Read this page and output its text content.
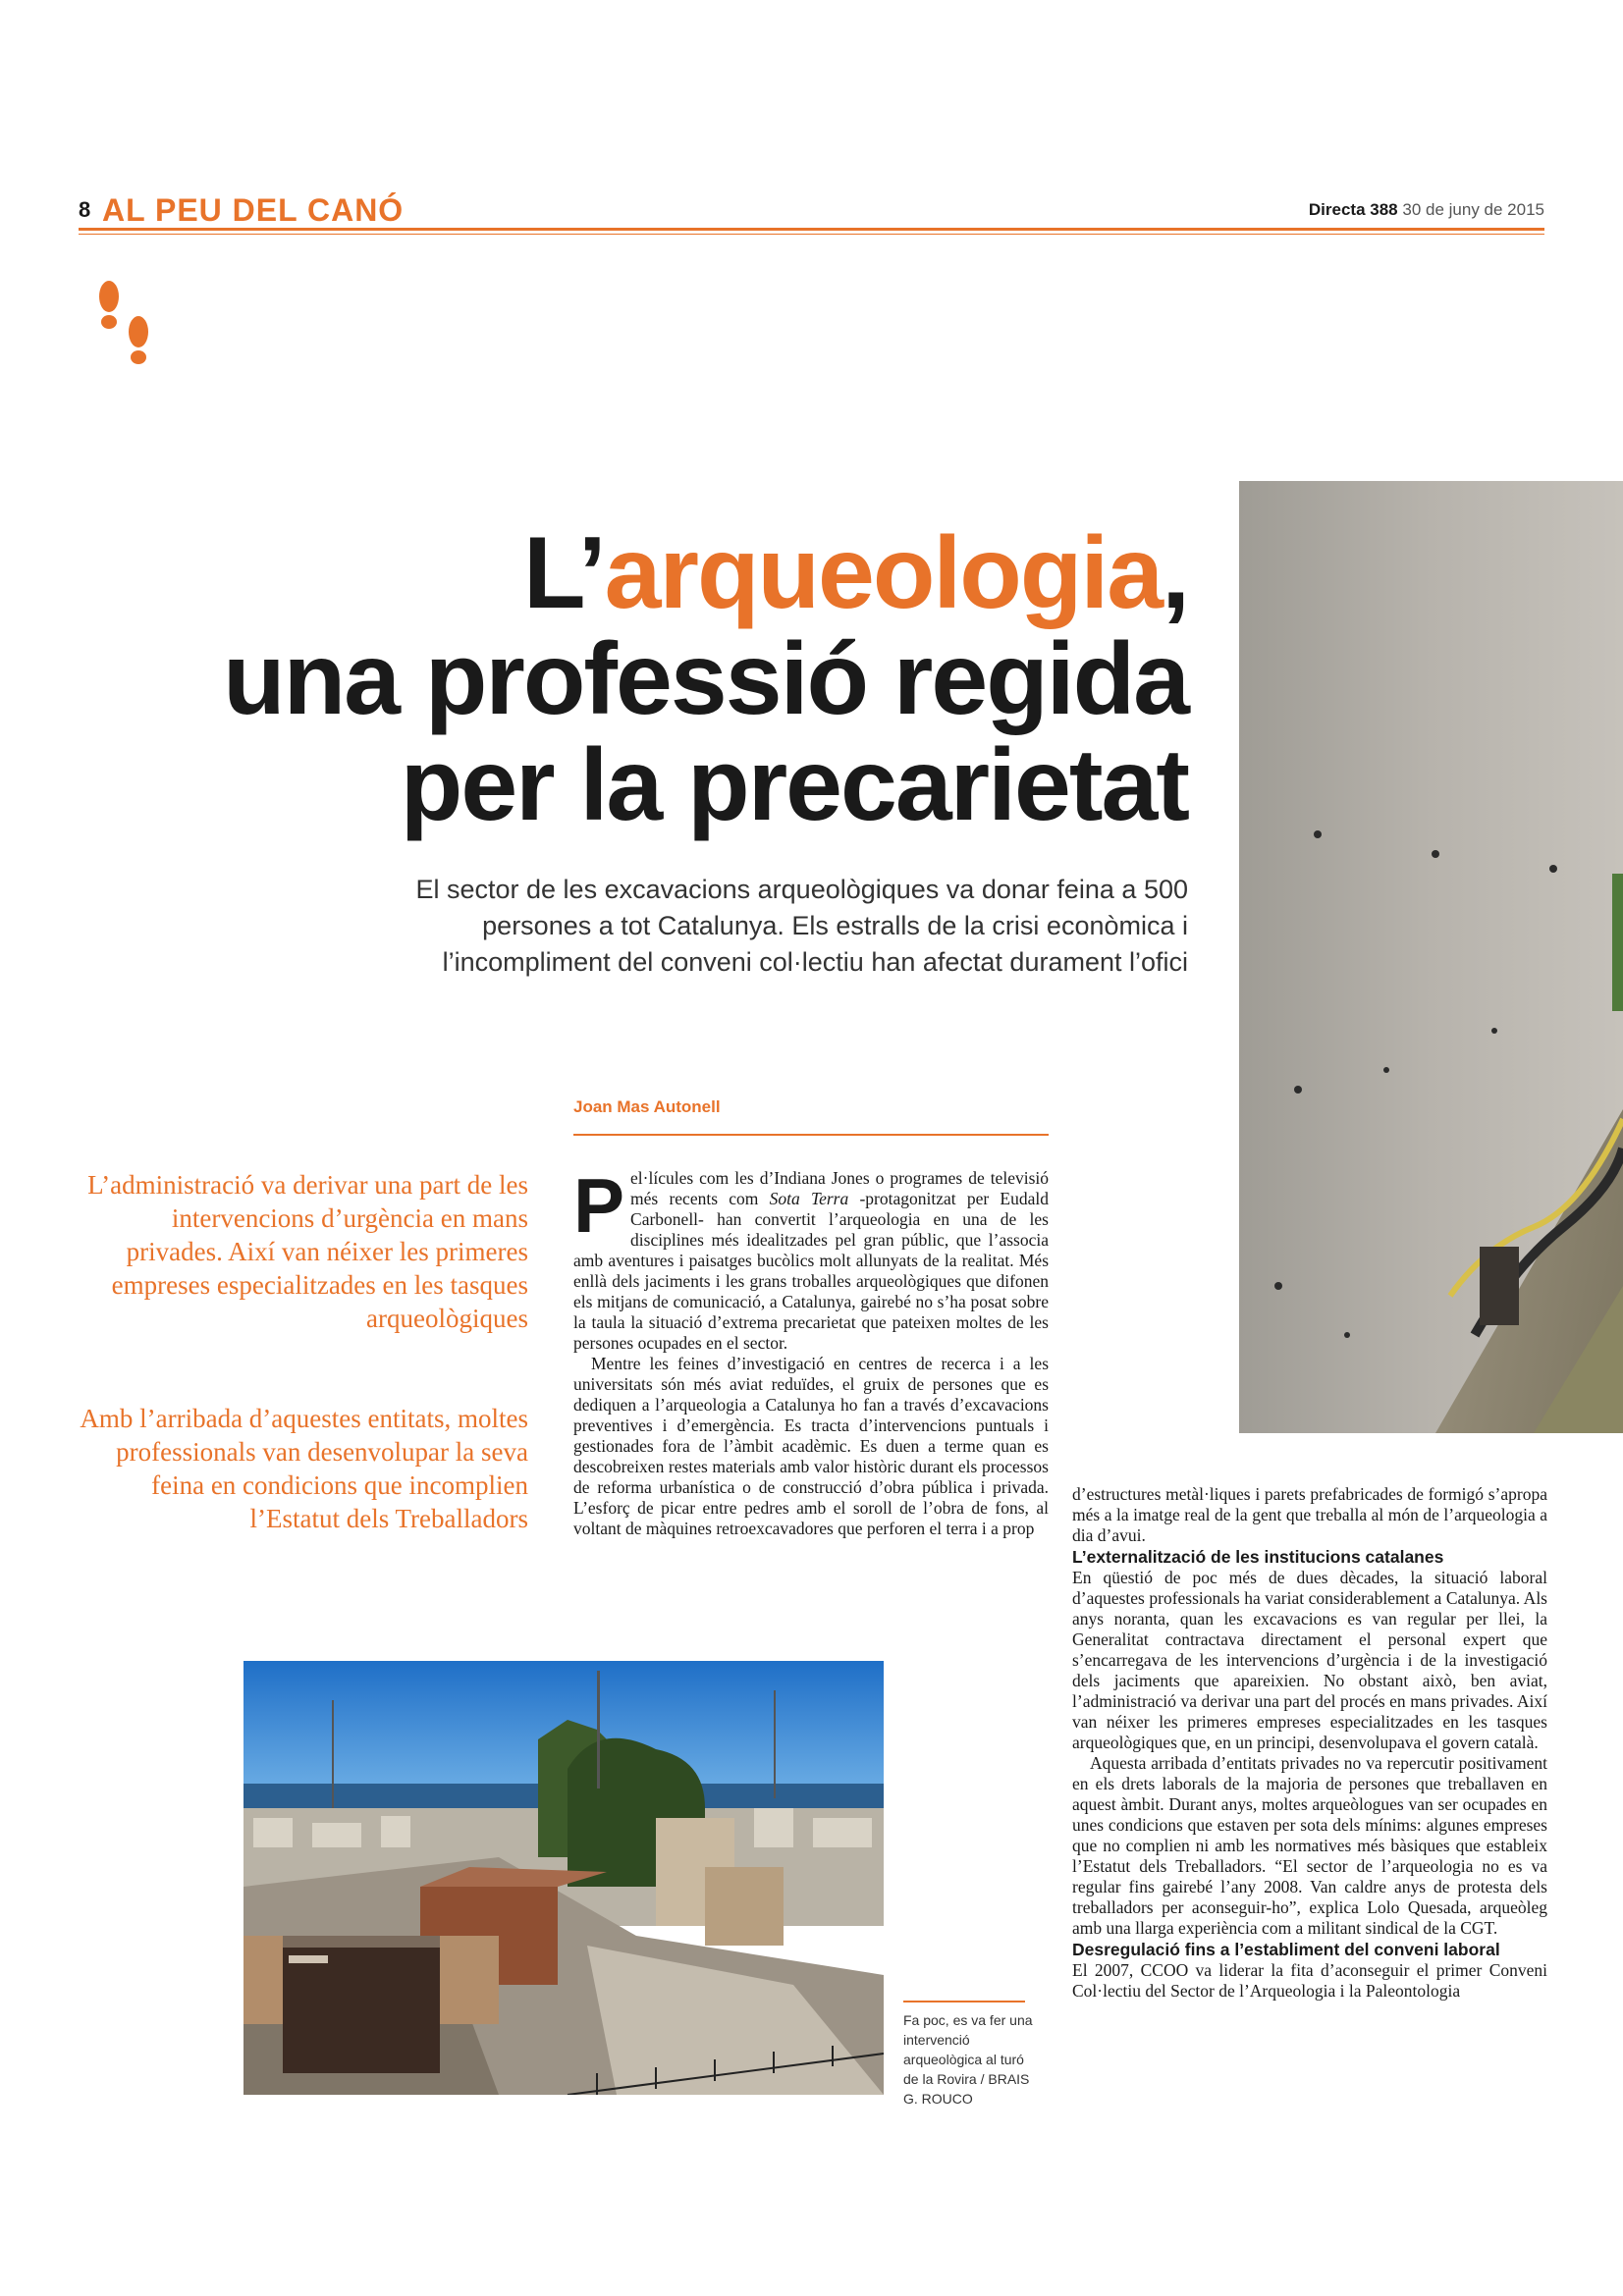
8 AL PEU DEL CANÓ	Directa 388 30 de juny de 2015
L’arqueologia,
una professió regida
per la precarietat
El sector de les excavacions arqueològiques va donar feina a 500 persones a tot Catalunya. Els estralls de la crisi econòmica i l’incompliment del conveni col·lectiu han afectat durament l’ofici
Joan Mas Autonell
L’administració va derivar una part de les intervencions d’urgència en mans privades. Així van néixer les primeres empreses especialitzades en les tasques arqueològiques
Amb l’arribada d’aquestes entitats, moltes professionals van desenvolupar la seva feina en condicions que incomplien l’Estatut dels Treballadors

Pel·lícules com les d’Indiana Jones o programes de televisió més recents com Sota Terra -protagonitzat per Eudald Carbonell- han convertit l’arqueologia en una de les disciplines més idealitzades pel gran públic, que l’associa amb aventures i paisatges bucòlics molt allunyats de la realitat. Més enllà dels jaciments i les grans troballes arqueològiques que difonen els mitjans de comunicació, a Catalunya, gairebé no s’ha posat sobre la taula la situació d’extrema precarietat que pateixen moltes de les persones ocupades en el sector.

Mentre les feines d’investigació en centres de recerca i a les universitats són més aviat reduïdes, el gruix de persones que es dediquen a l’arqueologia a Catalunya ho fan a través d’excavacions preventives i d’emergència. Es tracta d’intervencions puntuals i gestionades fora de l’àmbit acadèmic. Es duen a terme quan es descobreixen restes materials amb valor històric durant els processos de reforma urbanística o de construcció d’obra pública i privada. L’esforç de picar entre pedres amb el soroll de l’obra de fons, al voltant de màquines retroexcavadores que perforen el terra i a prop

d’estructures metàl·liques i parets prefabricades de formigó s’apropa més a la imatge real de la gent que treballa al món de l’arqueologia a dia d’avui.

L’externalització de les institucions catalanes

En qüestió de poc més de dues dècades, la situació laboral d’aquestes professionals ha variat considerablement a Catalunya. Als anys noranta, quan les excavacions es van regular per llei, la Generalitat contractava directament el personal expert que s’encarregava de les intervencions d’urgència i de la investigació dels jaciments que apareixien. No obstant això, ben aviat, l’administració va derivar una part del procés en mans privades. Així van néixer les primeres empreses especialitzades en les tasques arqueològiques que, en un principi, desenvolupava el govern català.

Aquesta arribada d’entitats privades no va repercutir positivament en els drets laborals de la majoria de persones que treballaven en aquest àmbit. Durant anys, moltes arqueòlogues van ser ocupades en unes condicions que estaven per sota dels mínims: algunes empreses que no complien ni amb les normatives més bàsiques que estableix l’Estatut dels Treballadors. “El sector de l’arqueologia no es va regular fins gairebé l’any 2008. Van caldre anys de protesta dels treballadors per aconseguir-ho”, explica Lolo Quesada, arqueòleg amb una llarga experiència com a militant sindical de la CGT.

Desregulació fins a l’establiment del conveni laboral

El 2007, CCOO va liderar la fita d’aconseguir el primer Conveni Col·lectiu del Sector de l’Arqueologia i la Paleontologia

Fa poc, es va fer una intervenció arqueològica al turó de la Rovira / BRAIS G. ROUCO
